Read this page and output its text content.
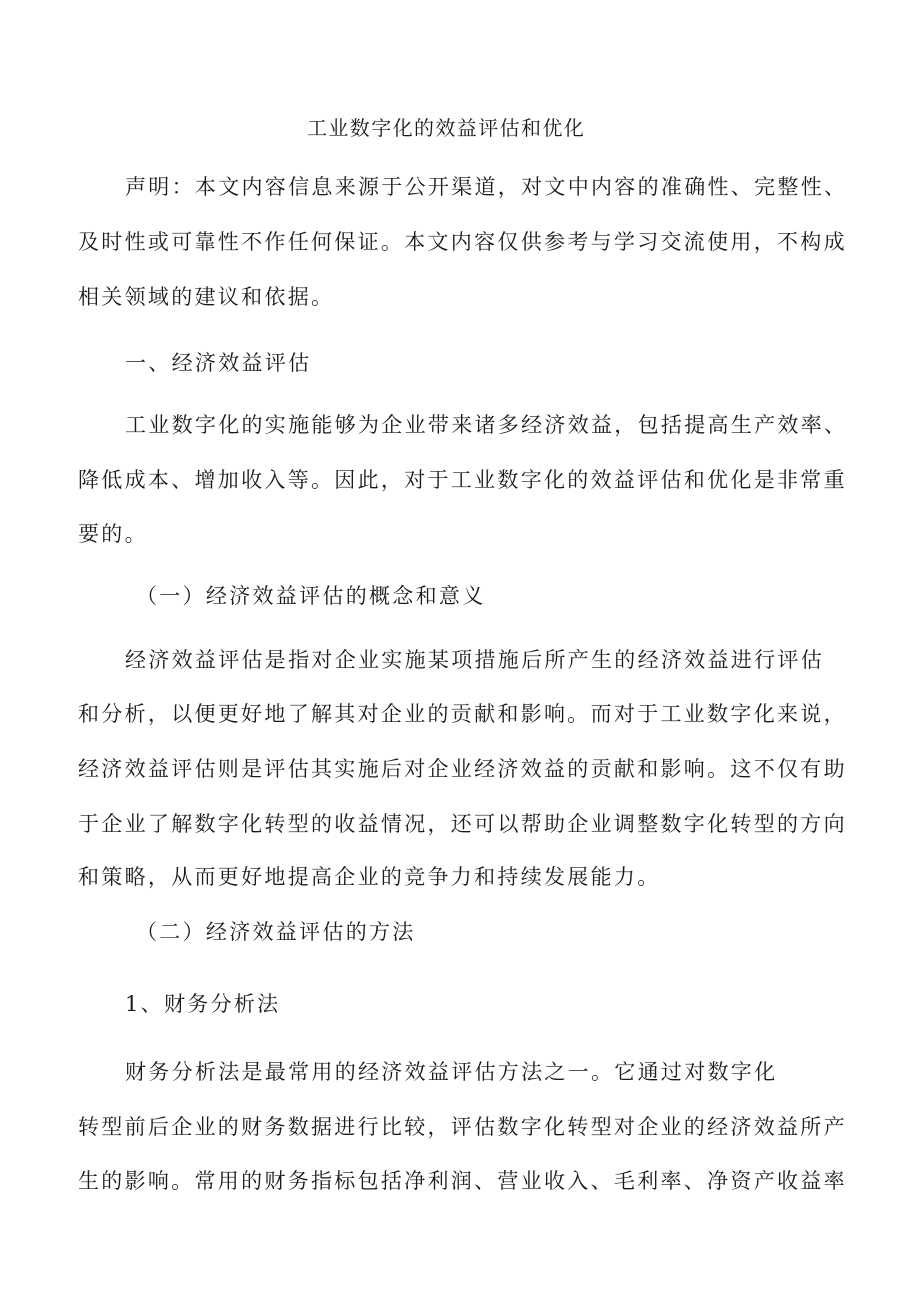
工业数字化的效益评估和优化
声明：本文内容信息来源于公开渠道，对文中内容的准确性、完整性、
及时性或可靠性不作任何保证。本文内容仅供参考与学习交流使用，不构成
相关领域的建议和依据。
一、经济效益评估
工业数字化的实施能够为企业带来诸多经济效益，包括提高生产效率、
降低成本、增加收入等。因此，对于工业数字化的效益评估和优化是非常重
要的。
（一）经济效益评估的概念和意义
经济效益评估是指对企业实施某项措施后所产生的经济效益进行评估
和分析，以便更好地了解其对企业的贡献和影响。而对于工业数字化来说，
经济效益评估则是评估其实施后对企业经济效益的贡献和影响。这不仅有助
于企业了解数字化转型的收益情况，还可以帮助企业调整数字化转型的方向
和策略，从而更好地提高企业的竞争力和持续发展能力。
（二）经济效益评估的方法
1、财务分析法
财务分析法是最常用的经济效益评估方法之一。它通过对数字化
转型前后企业的财务数据进行比较，评估数字化转型对企业的经济效益所产
生的影响。常用的财务指标包括净利润、营业收入、毛利率、净资产收益率
